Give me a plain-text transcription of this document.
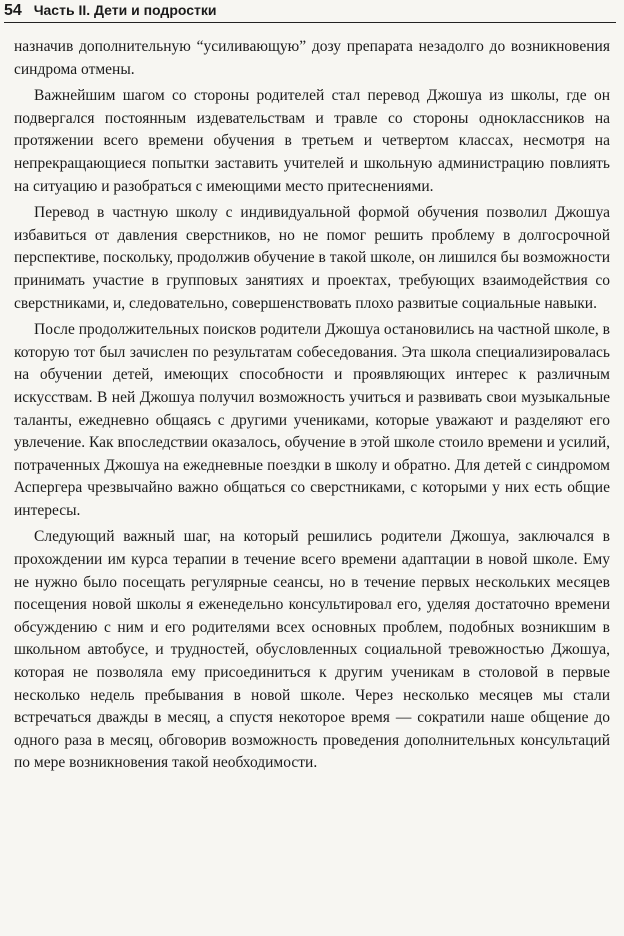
54 Часть II. Дети и подростки

назначив дополнительную “усиливающую” дозу препарата незадолго до возникновения синдрома отмены.

Важнейшим шагом со стороны родителей стал перевод Джошуа из школы, где он подвергался постоянным издевательствам и травле со стороны одноклассников на протяжении всего времени обучения в третьем и четвертом классах, несмотря на непрекращающиеся попытки заставить учителей и школьную администрацию повлиять на ситуацию и разобраться с имеющими место притеснениями.

Перевод в частную школу с индивидуальной формой обучения позволил Джошуа избавиться от давления сверстников, но не помог решить проблему в долгосрочной перспективе, поскольку, продолжив обучение в такой школе, он лишился бы возможности принимать участие в групповых занятиях и проектах, требующих взаимодействия со сверстниками, и, следовательно, совершенствовать плохо развитые социальные навыки.

После продолжительных поисков родители Джошуа остановились на частной школе, в которую тот был зачислен по результатам собеседования. Эта школа специализировалась на обучении детей, имеющих способности и проявляющих интерес к различным искусствам. В ней Джошуа получил возможность учиться и развивать свои музыкальные таланты, ежедневно общаясь с другими учениками, которые уважают и разделяют его увлечение. Как впоследствии оказалось, обучение в этой школе стоило времени и усилий, потраченных Джошуа на ежедневные поездки в школу и обратно. Для детей с синдромом Аспергера чрезвычайно важно общаться со сверстниками, с которыми у них есть общие интересы.

Следующий важный шаг, на который решились родители Джошуа, заключался в прохождении им курса терапии в течение всего времени адаптации в новой школе. Ему не нужно было посещать регулярные сеансы, но в течение первых нескольких месяцев посещения новой школы я еженедельно консультировал его, уделяя достаточно времени обсуждению с ним и его родителями всех основных проблем, подобных возникшим в школьном автобусе, и трудностей, обусловленных социальной тревожностью Джошуа, которая не позволяла ему присоединиться к другим ученикам в столовой в первые несколько недель пребывания в новой школе. Через несколько месяцев мы стали встречаться дважды в месяц, а спустя некоторое время — сократили наше общение до одного раза в месяц, обговорив возможность проведения дополнительных консультаций по мере возникновения такой необходимости.
